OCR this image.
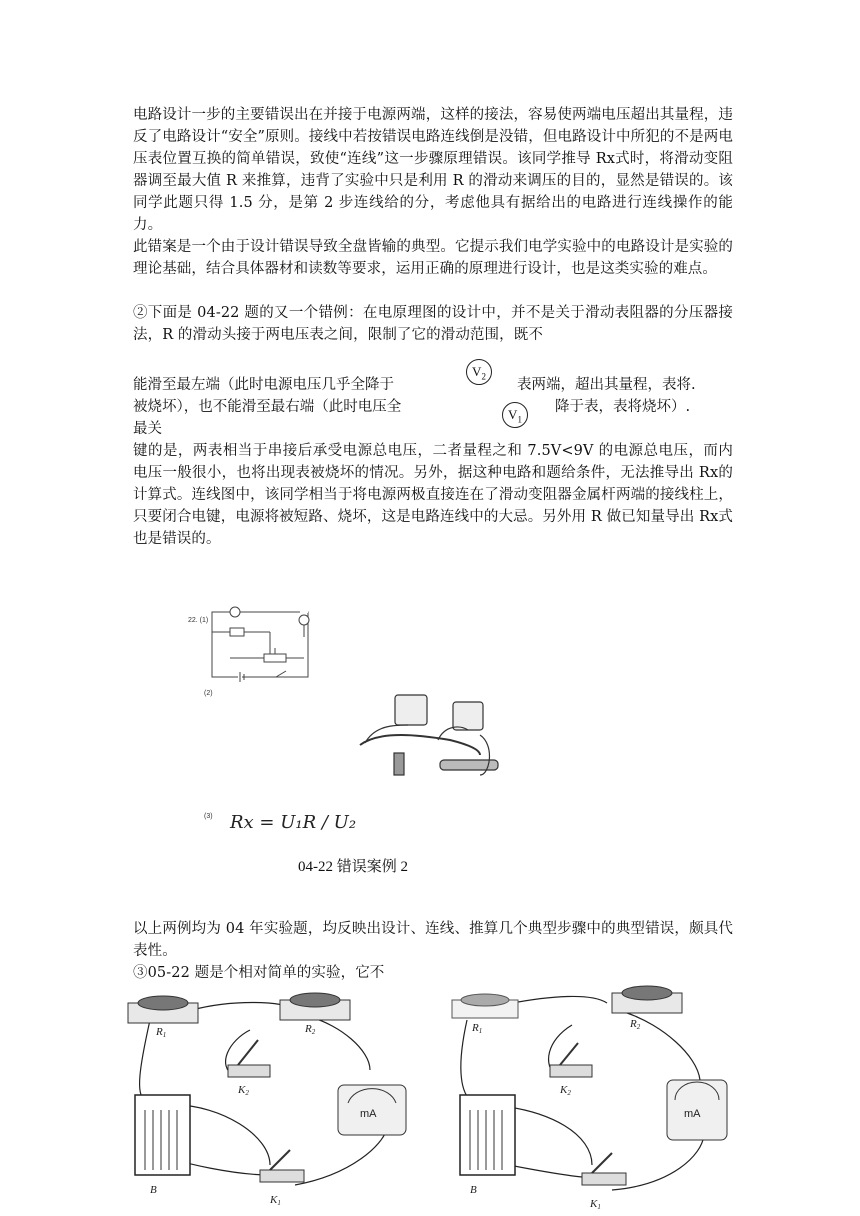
电路设计一步的主要错误出在并接于电源两端，这样的接法，容易使两端电压超出其量程，违反了电路设计“安全”原则。接线中若按错误电路连线倒是没错，但电路设计中所犯的不是两电压表位置互换的简单错误，致使“连线”这一步骤原理错误。该同学推导 Rx式时，将滑动变阻器调至最大值 R 来推算，违背了实验中只是利用 R 的滑动来调压的目的，显然是错误的。该同学此题只得 1.5 分，是第 2 步连线给的分，考虑他具有据给出的电路进行连线操作的能力。

此错案是一个由于设计错误导致全盘皆输的典型。它提示我们电学实验中的电路设计是实验的理论基础，结合具体器材和读数等要求，运用正确的原理进行设计，也是这类实验的难点。

②下面是 04-22 题的又一个错例：在电原理图的设计中，并不是关于滑动表阻器的分压器接法，R 的滑动头接于两电压表之间，限制了它的滑动范围，既不

能滑至最左端（此时电源电压几乎全降于
$V_2$
表两端，超出其量程，表将.
被烧坏），也不能滑至最右端（此时电压全	$V_1$
降于表，表将烧坏）.
最关

键的是，两表相当于串接后承受电源总电压，二者量程之和 7.5V<9V 的电源总电压，而内电压一般很小，也将出现表被烧坏的情况。另外，据这种电路和题给条件，无法推导出 Rx的计算式。连线图中，该同学相当于将电源两极直接连在了滑动变阻器金属杆两端的接线柱上，只要闭合电键，电源将被短路、烧坏，这是电路连线中的大忌。另外用 R 做已知量导出 Rx式也是错误的。

22. (1)
(2)
(3) Rx = U₁R / U₂
04-22 错误案例 2

以上两例均为 04 年实验题，均反映出设计、连线、推算几个典型步骤中的典型错误，颇具代表性。

③05-22 题是个相对简单的实验，它不

R1	R2
K2
B
mA
K1
R1
R2
K2
B
mA
K1
